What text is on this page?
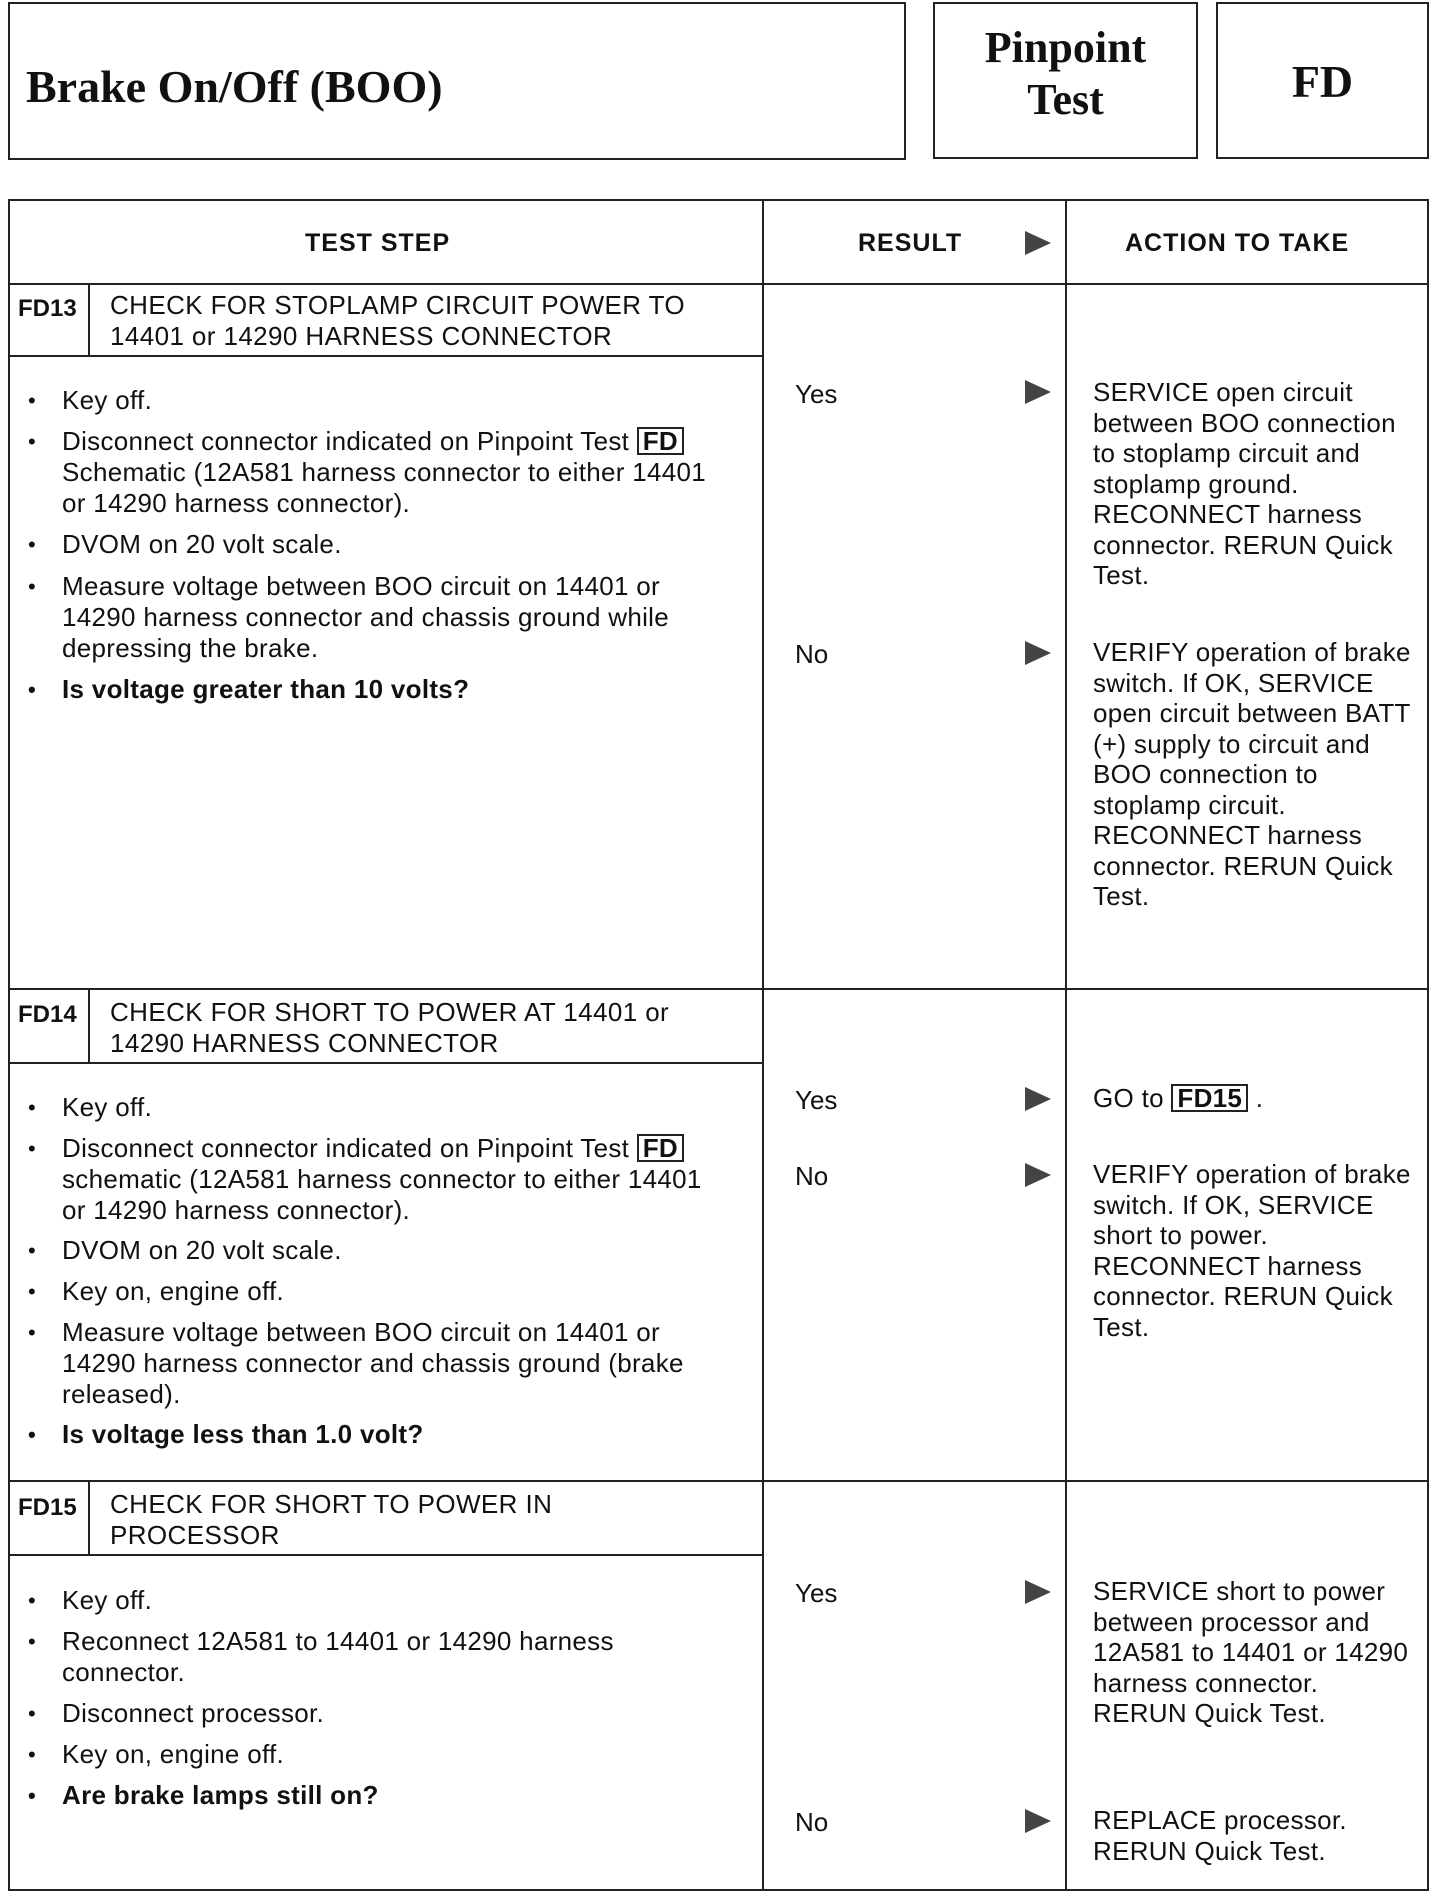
Brake On/Off (BOO)
Pinpoint
Test	FD
TEST STEP	RESULT	ACTION TO TAKE
FD13 CHECK FOR STOPLAMP CIRCUIT POWER TO
14401 or 14290 HARNESS CONNECTOR
• Key off.
• Disconnect connector indicated on Pinpoint Test FD Schematic (12A581 harness connector to either 14401 or 14290 harness connector).
• DVOM on 20 volt scale.
• Measure voltage between BOO circuit on 14401 or 14290 harness connector and chassis ground while depressing the brake.
• Is voltage greater than 10 volts?
Yes	SERVICE open circuit between BOO connection to stoplamp circuit and stoplamp ground. RECONNECT harness connector. RERUN Quick Test.
No	VERIFY operation of brake switch. If OK, SERVICE open circuit between BATT (+) supply to circuit and BOO connection to stoplamp circuit. RECONNECT harness connector. RERUN Quick Test.
FD14 CHECK FOR SHORT TO POWER AT 14401 or
14290 HARNESS CONNECTOR
• Key off.
• Disconnect connector indicated on Pinpoint Test FD schematic (12A581 harness connector to either 14401 or 14290 harness connector).
• DVOM on 20 volt scale.
• Key on, engine off.
• Measure voltage between BOO circuit on 14401 or 14290 harness connector and chassis ground (brake released).
• Is voltage less than 1.0 volt?
Yes	GO to FD15 .
No	VERIFY operation of brake switch. If OK, SERVICE short to power. RECONNECT harness connector. RERUN Quick Test.
FD15 CHECK FOR SHORT TO POWER IN
PROCESSOR
• Key off.
• Reconnect 12A581 to 14401 or 14290 harness connector.
• Disconnect processor.
• Key on, engine off.
• Are brake lamps still on?
Yes	SERVICE short to power between processor and 12A581 to 14401 or 14290 harness connector. RERUN Quick Test.
No	REPLACE processor. RERUN Quick Test.
